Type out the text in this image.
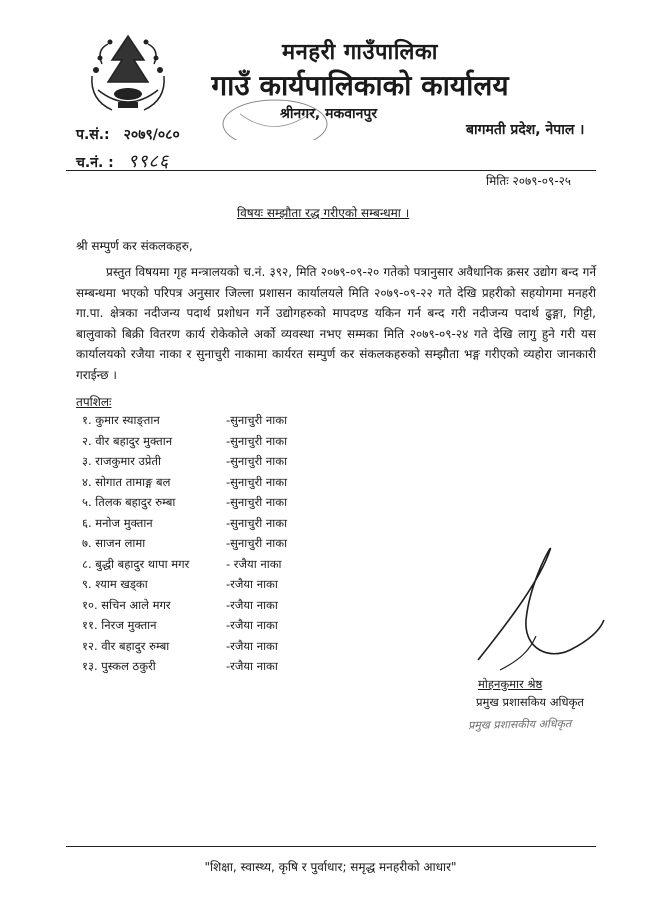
मनहरी गाउँपालिका
गाउँ कार्यपालिकाको कार्यालय
श्रीनगर, मकवानपुर
बागमती प्रदेश, नेपाल ।
प.सं.: २०७९/०८०
च.नं. : ९९८६
मितिः २०७९-०९-२५
विषयः सम्झौता रद्ध गरीएको सम्बन्धमा ।
श्री सम्पुर्ण कर संकलकहरु,
प्रस्तुत विषयमा गृह मन्त्रालयको च.नं. ३९२, मिति २०७९-०९-२० गतेको पत्रानुसार अवैधानिक क्रसर उद्योग बन्द गर्ने सम्बन्धमा भएको परिपत्र अनुसार जिल्ला प्रशासन कार्यालयले मिति २०७९-०९-२२ गते देखि प्रहरीको सहयोगमा मनहरी गा.पा. क्षेत्रका नदीजन्य पदार्थ प्रशोधन गर्ने उद्योगहरुको मापदण्ड यकिन गर्न बन्द गरी नदीजन्य पदार्थ ढुङ्गा, गिट्टी, बालुवाको बिक्री वितरण कार्य रोकेकोले अर्को व्यवस्था नभए सम्मका मिति २०७९-०९-२४ गते देखि लागु हुने गरी यस कार्यालयको रजैया नाका र सुनाचुरी नाकामा कार्यरत सम्पुर्ण कर संकलकहरुको सम्झौता भङ्ग गरीएको व्यहोरा जानकारी गराईन्छ ।
तपशिलः
१. कुमार स्याङ्तान	-सुनाचुरी नाका
२. वीर बहादुर मुक्तान	-सुनाचुरी नाका
३. राजकुमार उप्रेती	-सुनाचुरी नाका
४. सोगात तामाङ्ग बल	-सुनाचुरी नाका
५. तिलक बहादुर रुम्बा	-सुनाचुरी नाका
६. मनोज मुक्तान	-सुनाचुरी नाका
७. साजन लामा	-सुनाचुरी नाका
८. बुद्धी बहादुर थापा मगर	- रजैया नाका
९. श्याम खड्का	-रजैया नाका
१०. सचिन आले मगर	-रजैया नाका
११. निरज मुक्तान	-रजैया नाका
१२. वीर बहादुर रुम्बा	-रजैया नाका
१३. पुस्कल ठकुरी	-रजैया नाका
मोहनकुमार श्रेष्ठ
प्रमुख प्रशासकिय अधिकृत
प्रमुख प्रशासकीय अधिकृत
"शिक्षा, स्वास्थ्य, कृषि र पुर्वाधार; समृद्ध मनहरीको आधार"
